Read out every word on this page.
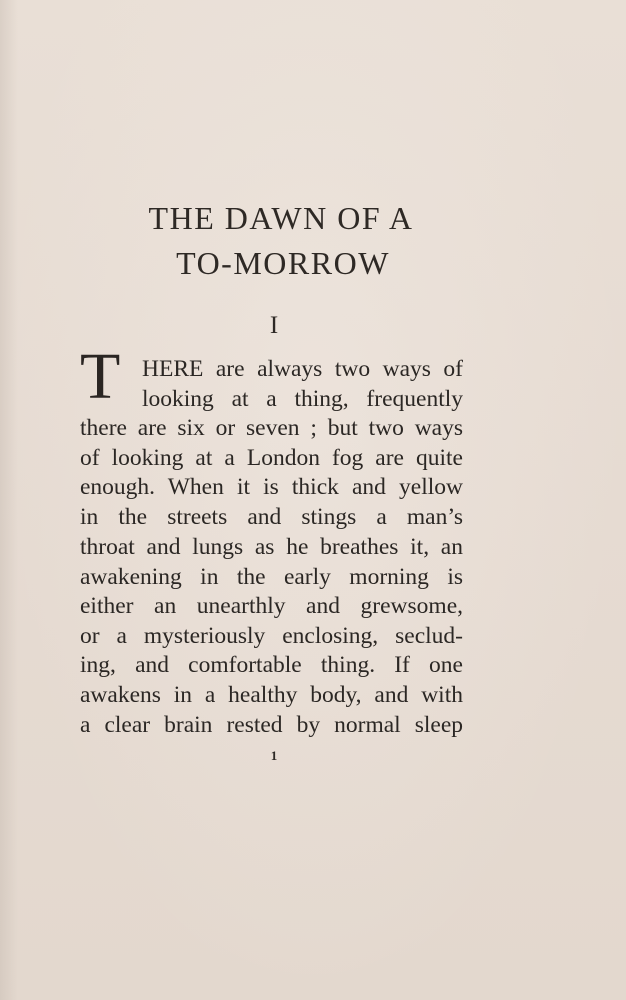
THE DAWN OF A
TO-MORROW
I
T HERE are always two ways of
looking at a thing, frequently
there are six or seven ; but two ways
of looking at a London fog are quite
enough. When it is thick and yellow
in the streets and stings a man’s
throat and lungs as he breathes it, an
awakening in the early morning is
either an unearthly and grewsome,
or a mysteriously enclosing, seclud-
ing, and comfortable thing. If one
awakens in a healthy body, and with
a clear brain rested by normal sleep
1
